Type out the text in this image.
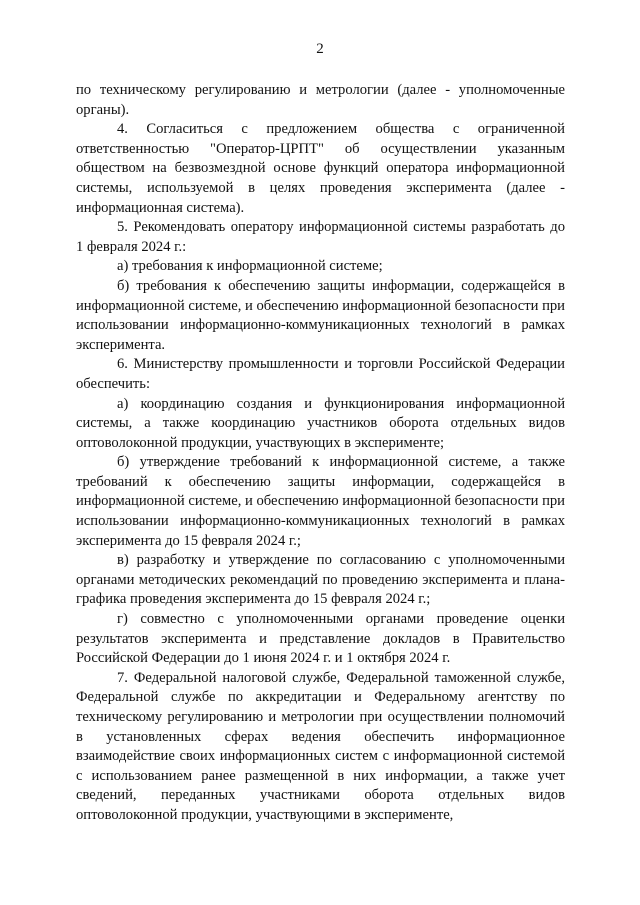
2

по техническому регулированию и метрологии (далее - уполномоченные органы).

4. Согласиться с предложением общества с ограниченной ответственностью "Оператор-ЦРПТ" об осуществлении указанным обществом на безвозмездной основе функций оператора информационной системы, используемой в целях проведения эксперимента (далее - информационная система).

5. Рекомендовать оператору информационной системы разработать до 1 февраля 2024 г.:

а) требования к информационной системе;

б) требования к обеспечению защиты информации, содержащейся в информационной системе, и обеспечению информационной безопасности при использовании информационно-коммуникационных технологий в рамках эксперимента.

6. Министерству промышленности и торговли Российской Федерации обеспечить:

а) координацию создания и функционирования информационной системы, а также координацию участников оборота отдельных видов оптоволоконной продукции, участвующих в эксперименте;

б) утверждение требований к информационной системе, а также требований к обеспечению защиты информации, содержащейся в информационной системе, и обеспечению информационной безопасности при использовании информационно-коммуникационных технологий в рамках эксперимента до 15 февраля 2024 г.;

в) разработку и утверждение по согласованию с уполномоченными органами методических рекомендаций по проведению эксперимента и плана-графика проведения эксперимента до 15 февраля 2024 г.;

г) совместно с уполномоченными органами проведение оценки результатов эксперимента и представление докладов в Правительство Российской Федерации до 1 июня 2024 г. и 1 октября 2024 г.

7. Федеральной налоговой службе, Федеральной таможенной службе, Федеральной службе по аккредитации и Федеральному агентству по техническому регулированию и метрологии при осуществлении полномочий в установленных сферах ведения обеспечить информационное взаимодействие своих информационных систем с информационной системой с использованием ранее размещенной в них информации, а также учет сведений, переданных участниками оборота отдельных видов оптоволоконной продукции, участвующими в эксперименте,
